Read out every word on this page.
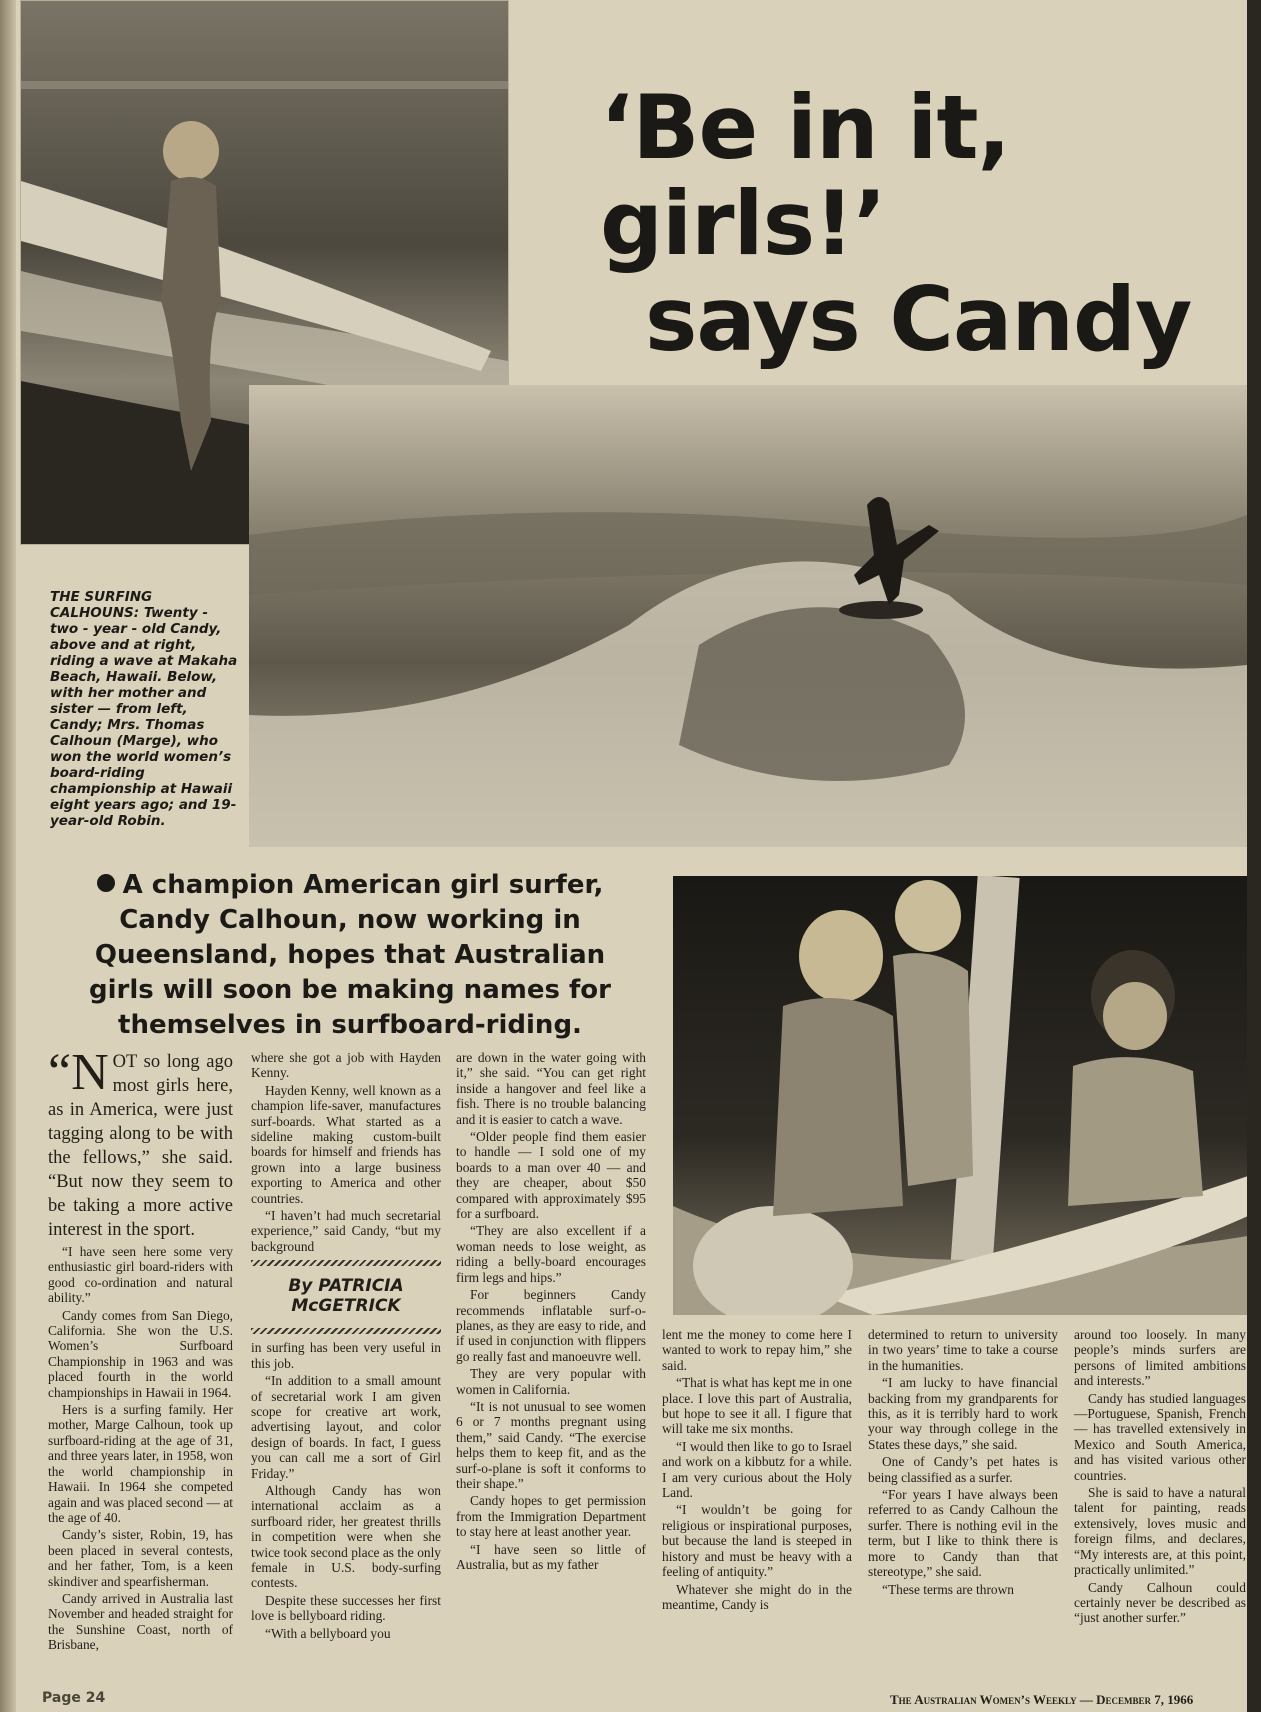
‘Be in it, girls!’
says Candy

THE SURFING CALHOUNS: Twenty - two - year - old Candy, above and at right, riding a wave at Makaha Beach, Hawaii. Below, with her mother and sister — from left, Candy; Mrs. Thomas Calhoun (Marge), who won the world women’s board-riding championship at Hawaii eight years ago; and 19-year-old Robin.

A champion American girl surfer, Candy Calhoun, now working in Queensland, hopes that Australian girls will soon be making names for themselves in surfboard-riding.

“NOT so long ago most girls here, as in America, were just tagging along to be with the fellows,” she said. “But now they seem to be taking a more active interest in the sport.

“I have seen here some very enthusiastic girl board-riders with good co-ordination and natural ability.”

Candy comes from San Diego, California. She won the U.S. Women’s Surfboard Championship in 1963 and was placed fourth in the world championships in Hawaii in 1964.

Hers is a surfing family. Her mother, Marge Calhoun, took up surfboard-riding at the age of 31, and three years later, in 1958, won the world championship in Hawaii. In 1964 she competed again and was placed second — at the age of 40.

Candy’s sister, Robin, 19, has been placed in several contests, and her father, Tom, is a keen skindiver and spearfisherman.

Candy arrived in Australia last November and headed straight for the Sunshine Coast, north of Brisbane,

where she got a job with Hayden Kenny.

Hayden Kenny, well known as a champion life-saver, manufactures surf-boards. What started as a sideline making custom-built boards for himself and friends has grown into a large business exporting to America and other countries.

“I haven’t had much secretarial experience,” said Candy, “but my background

By PATRICIA
McGETRICK

in surfing has been very useful in this job.

“In addition to a small amount of secretarial work I am given scope for creative art work, advertising layout, and color design of boards. In fact, I guess you can call me a sort of Girl Friday.”

Although Candy has won international acclaim as a surfboard rider, her greatest thrills in competition were when she twice took second place as the only female in U.S. body-surfing contests.

Despite these successes her first love is bellyboard riding.

“With a bellyboard you

are down in the water going with it,” she said. “You can get right inside a hangover and feel like a fish. There is no trouble balancing and it is easier to catch a wave.

“Older people find them easier to handle — I sold one of my boards to a man over 40 — and they are cheaper, about $50 compared with approximately $95 for a surfboard.

“They are also excellent if a woman needs to lose weight, as riding a belly-board encourages firm legs and hips.”

For beginners Candy recommends inflatable surf-o-planes, as they are easy to ride, and if used in conjunction with flippers go really fast and manoeuvre well.

They are very popular with women in California.

“It is not unusual to see women 6 or 7 months pregnant using them,” said Candy. “The exercise helps them to keep fit, and as the surf-o-plane is soft it conforms to their shape.”

Candy hopes to get permission from the Immigration Department to stay here at least another year.

“I have seen so little of Australia, but as my father

lent me the money to come here I wanted to work to repay him,” she said.

“That is what has kept me in one place. I love this part of Australia, but hope to see it all. I figure that will take me six months.

“I would then like to go to Israel and work on a kibbutz for a while. I am very curious about the Holy Land.

“I wouldn’t be going for religious or inspirational purposes, but because the land is steeped in history and must be heavy with a feeling of antiquity.”

Whatever she might do in the meantime, Candy is

determined to return to university in two years’ time to take a course in the humanities.

“I am lucky to have financial backing from my grandparents for this, as it is terribly hard to work your way through college in the States these days,” she said.

One of Candy’s pet hates is being classified as a surfer.

“For years I have always been referred to as Candy Calhoun the surfer. There is nothing evil in the term, but I like to think there is more to Candy than that stereotype,” she said.

“These terms are thrown

around too loosely. In many people’s minds surfers are persons of limited ambitions and interests.”

Candy has studied languages—Portuguese, Spanish, French — has travelled extensively in Mexico and South America, and has visited various other countries.

She is said to have a natural talent for painting, reads extensively, loves music and foreign films, and declares, “My interests are, at this point, practically unlimited.”

Candy Calhoun could certainly never be described as “just another surfer.”

Page 24	The Australian Women’s Weekly — December 7, 1966
